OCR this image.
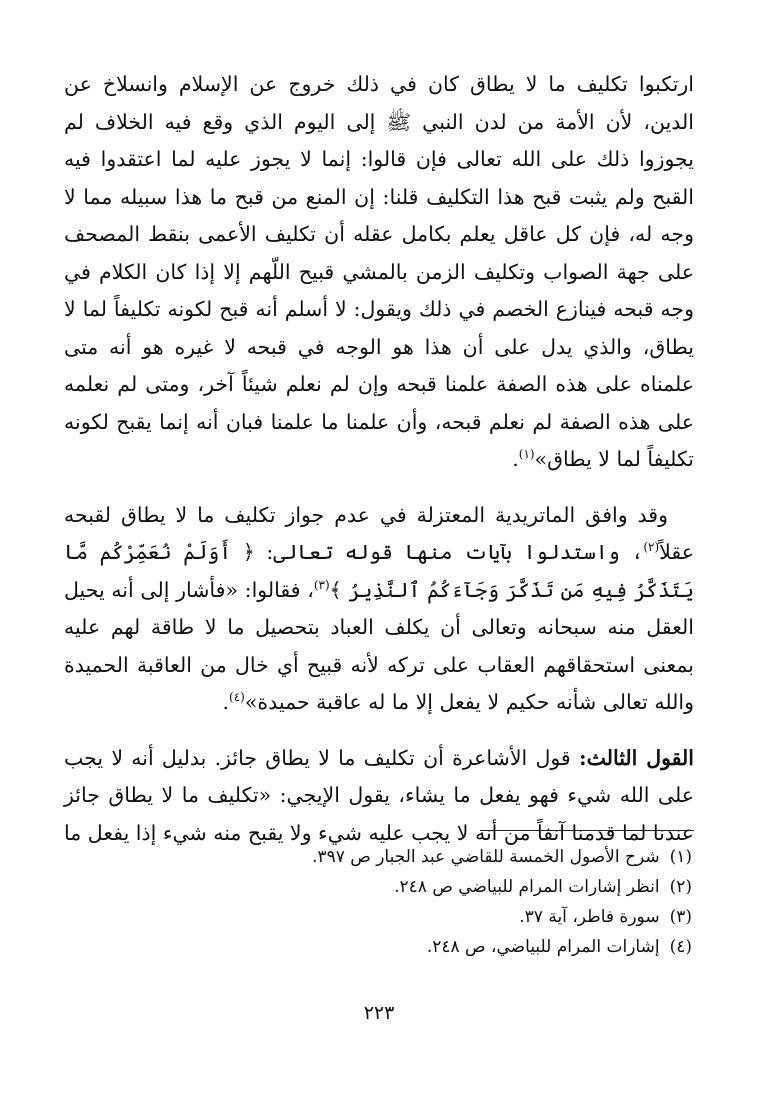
ارتكبوا تكليف ما لا يطاق كان في ذلك خروج عن الإسلام وانسلاخ عن الدين، لأن الأمة من لدن النبي ﷺ إلى اليوم الذي وقع فيه الخلاف لم يجوزوا ذلك على الله تعالى فإن قالوا: إنما لا يجوز عليه لما اعتقدوا فيه القبح ولم يثبت قبح هذا التكليف قلنا: إن المنع من قبح ما هذا سبيله مما لا وجه له، فإن كل عاقل يعلم بكامل عقله أن تكليف الأعمى بنقط المصحف على جهة الصواب وتكليف الزمن بالمشي قبيح اللّهم إلا إذا كان الكلام في وجه قبحه فينازع الخصم في ذلك ويقول: لا أسلم أنه قبح لكونه تكليفاً لما لا يطاق، والذي يدل على أن هذا هو الوجه في قبحه لا غيره هو أنه متى علمناه على هذه الصفة علمنا قبحه وإن لم نعلم شيئاً آخر، ومتى لم نعلمه على هذه الصفة لم نعلم قبحه، وأن علمنا ما علمنا فبان أنه إنما يقبح لكونه تكليفاً لما لا يطاق»$^{(١)}$.

وقد وافق الماتريدية المعتزلة في عدم جواز تكليف ما لا يطاق لقبحه عقلاً$^{(٢)}$، واستدلوا بآيات منها قوله تعالى: ﴿ أَوَلَمْ نُعَمِّرْكُم مَّا يَتَذَكَّرُ فِيهِ مَن تَذَكَّرَ وَجَآءَكُمُ ٱلنَّذِيرُ ﴾$^{(٣)}$، فقالوا: «فأشار إلى أنه يحيل العقل منه سبحانه وتعالى أن يكلف العباد بتحصيل ما لا طاقة لهم عليه بمعنى استحقاقهم العقاب على تركه لأنه قبيح أي خال من العاقبة الحميدة والله تعالى شأنه حكيم لا يفعل إلا ما له عاقبة حميدة»$^{(٤)}$.

القول الثالث: قول الأشاعرة أن تكليف ما لا يطاق جائز. بدليل أنه لا يجب على الله شيء فهو يفعل ما يشاء، يقول الإيجي: «تكليف ما لا يطاق جائز عندنا لما قدمنا آنفاً من أنه لا يجب عليه شيء ولا يقبح منه شيء إذا يفعل ما

(١)شرح الأصول الخمسة للقاضي عبد الجبار ص ٣٩٧.
(٢)انظر إشارات المرام للبياضي ص ٢٤٨.
(٣)سورة فاطر، آية ٣٧.
(٤)إشارات المرام للبياضي، ص ٢٤٨.
٢٢٣
